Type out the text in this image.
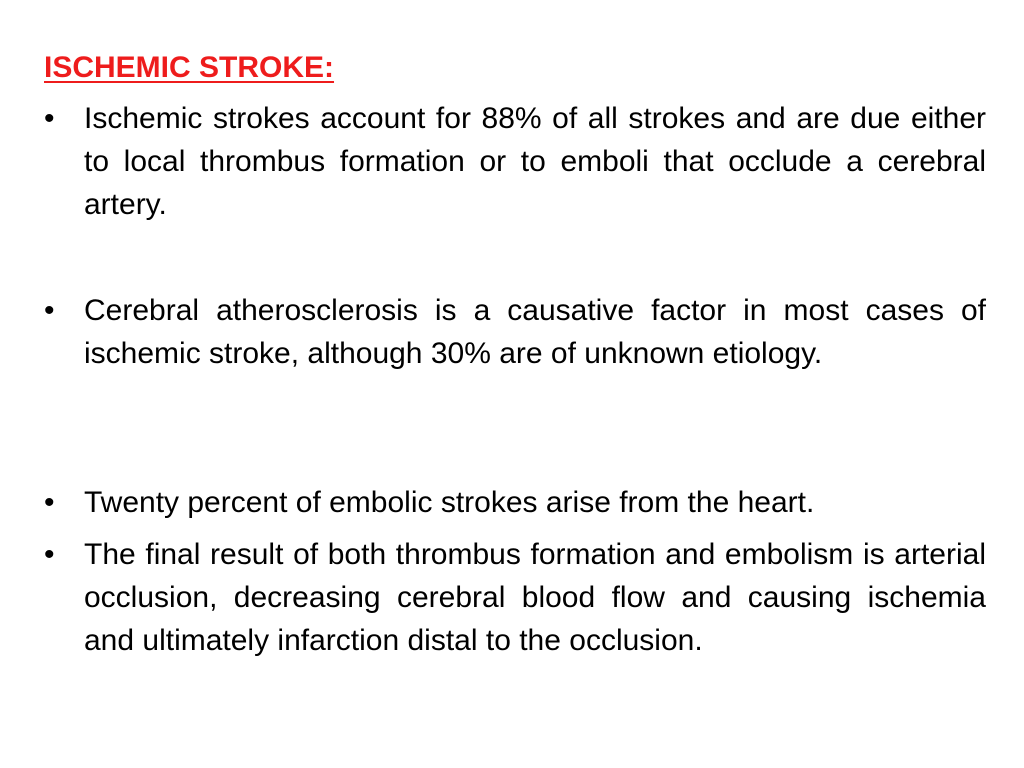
ISCHEMIC STROKE:
• Ischemic strokes account for 88% of all strokes and are due either to local thrombus formation or to emboli that occlude a cerebral artery.
• Cerebral atherosclerosis is a causative factor in most cases of ischemic stroke, although 30% are of unknown etiology.
• Twenty percent of embolic strokes arise from the heart.
• The final result of both thrombus formation and embolism is arterial occlusion, decreasing cerebral blood flow and causing ischemia and ultimately infarction distal to the occlusion.
